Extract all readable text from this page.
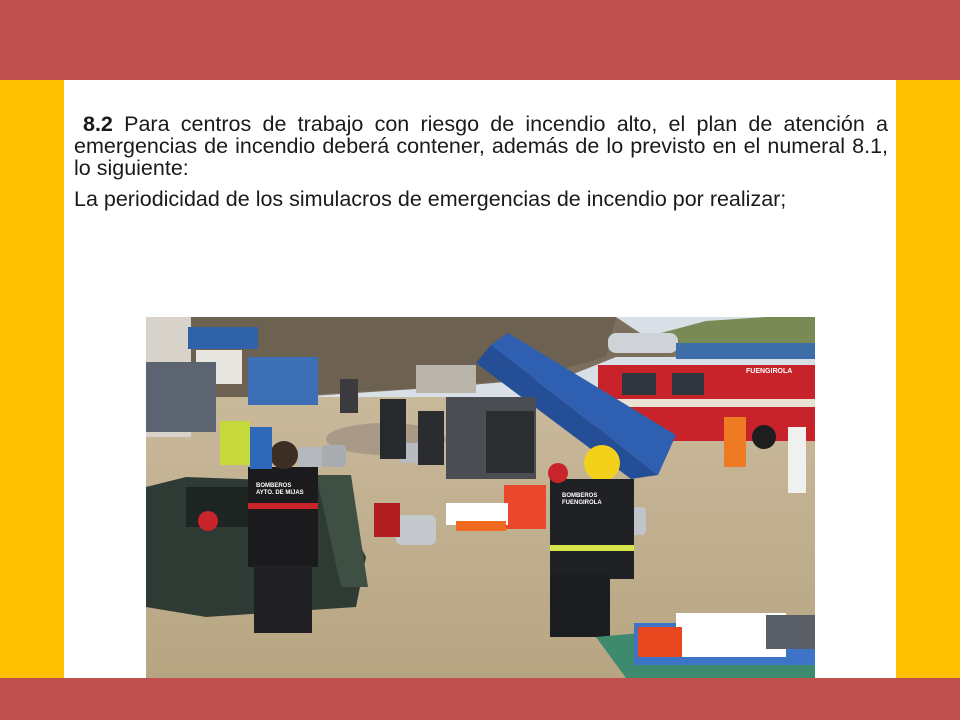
8.2 Para centros de trabajo con riesgo de incendio alto, el plan de atención a emergencias de incendio deberá contener, además de lo previsto en el numeral 8.1, lo siguiente:

La periodicidad de los simulacros de emergencias de incendio por realizar;

FUENGIROLA
BOMBEROS AYTO. DE MIJAS	BOMBEROS FUENGIROLA
